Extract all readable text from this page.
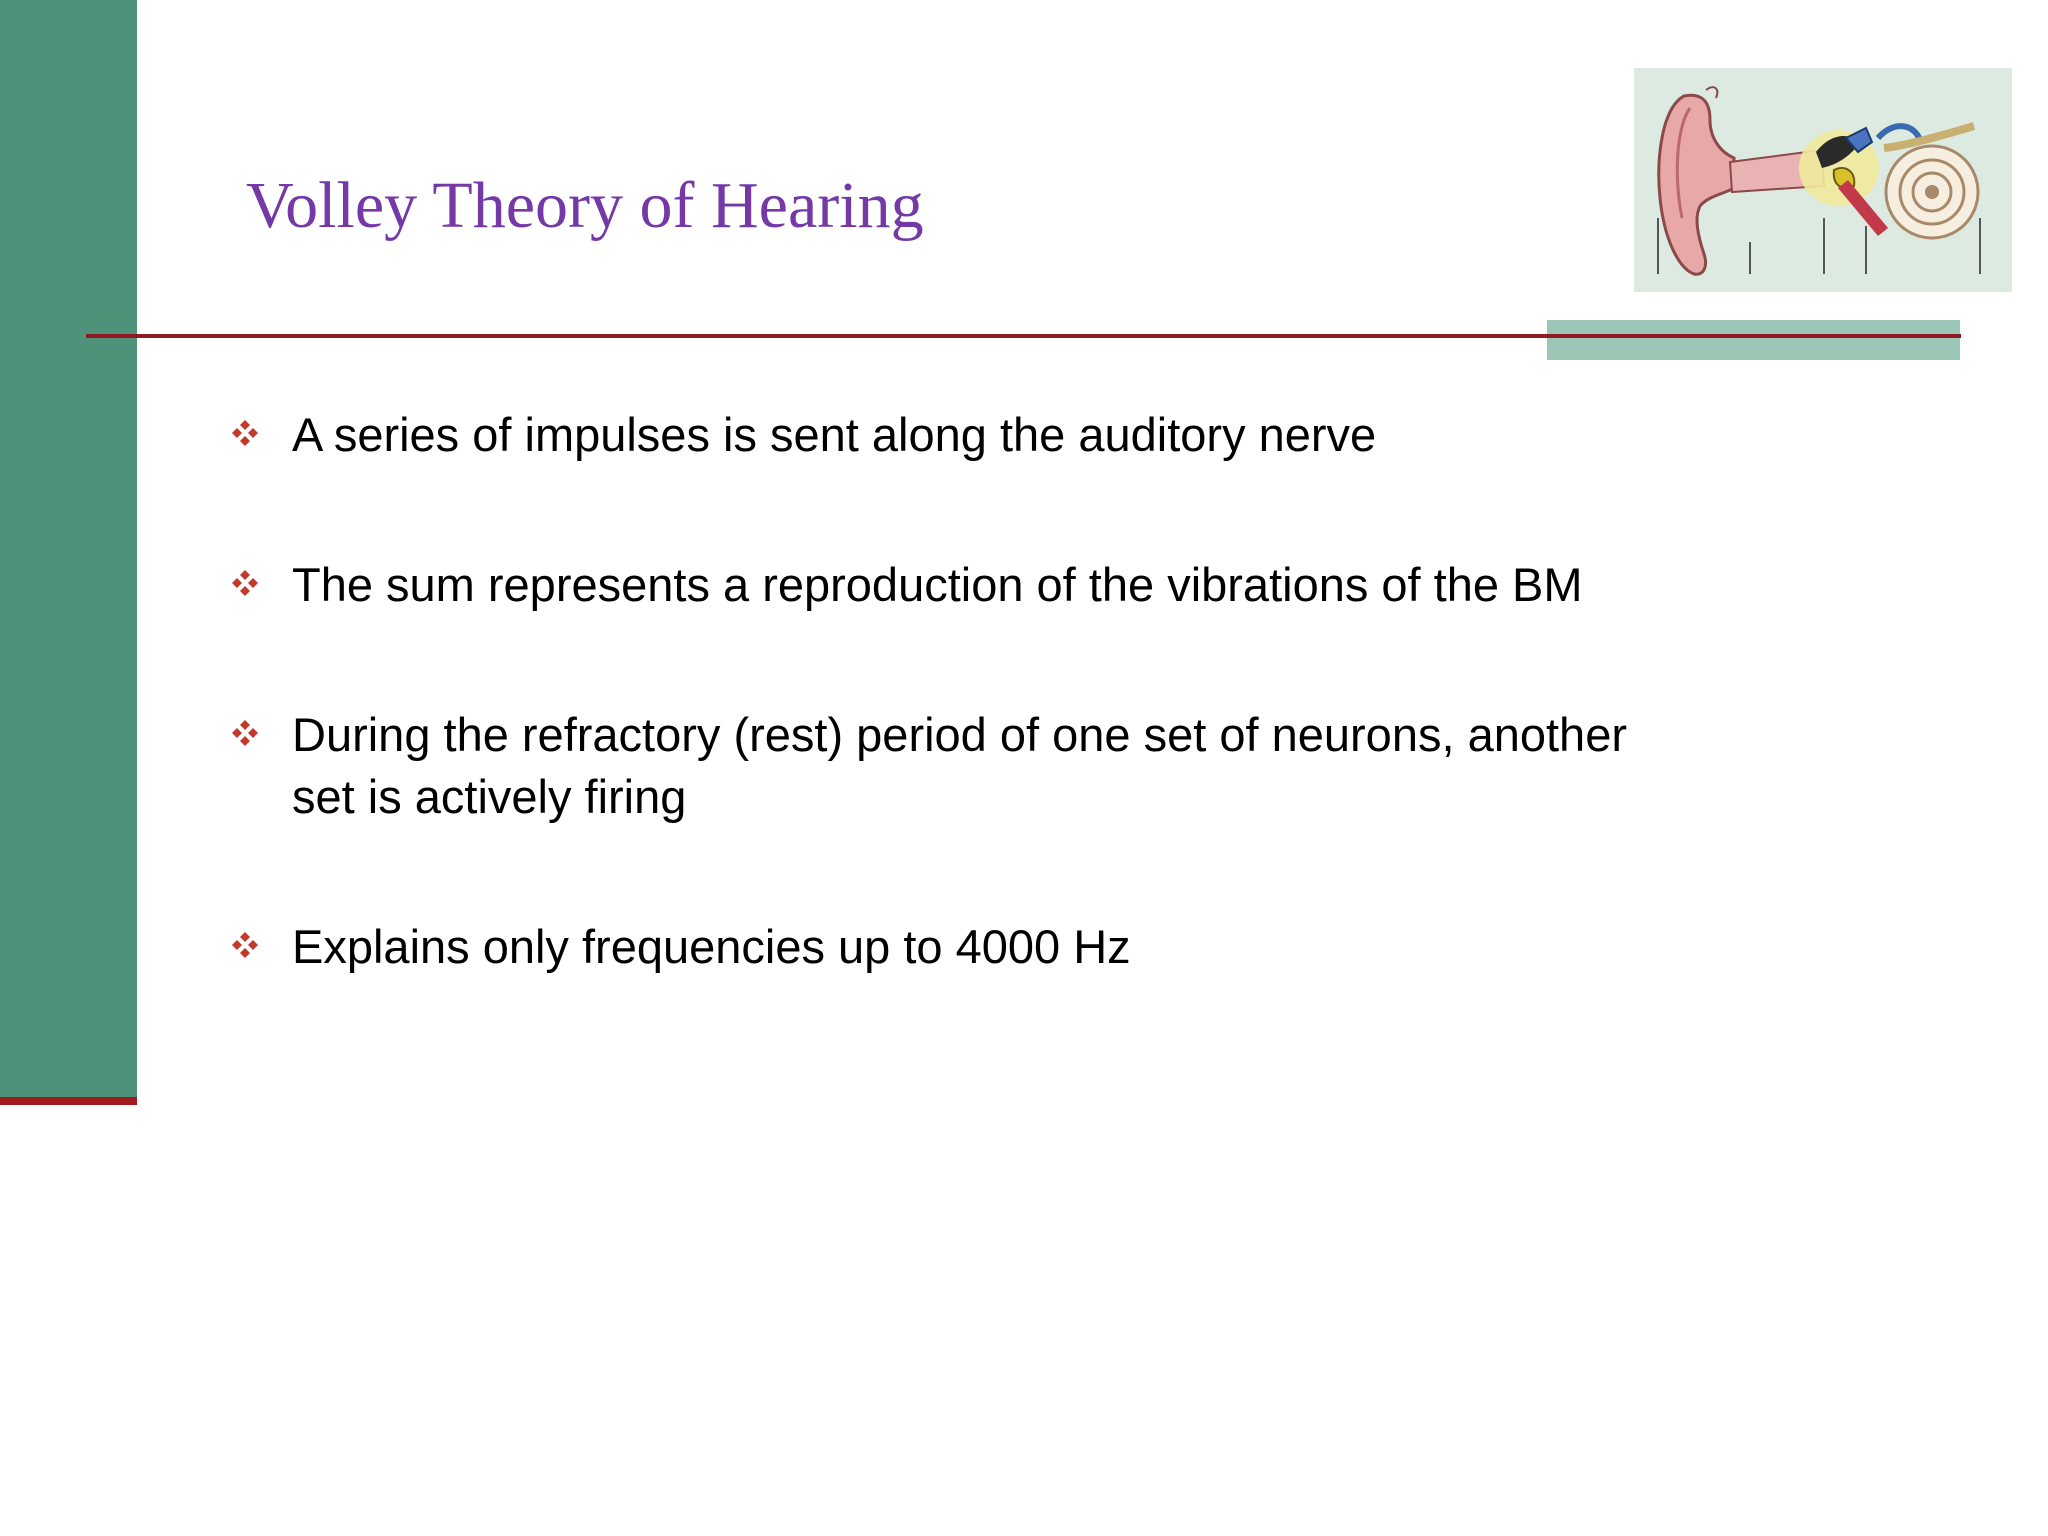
Volley Theory of Hearing
A series of impulses is sent along the auditory nerve
The sum represents a reproduction of the vibrations of the BM
During the refractory (rest) period of one set of neurons, another set is actively firing
Explains only frequencies up to 4000 Hz
